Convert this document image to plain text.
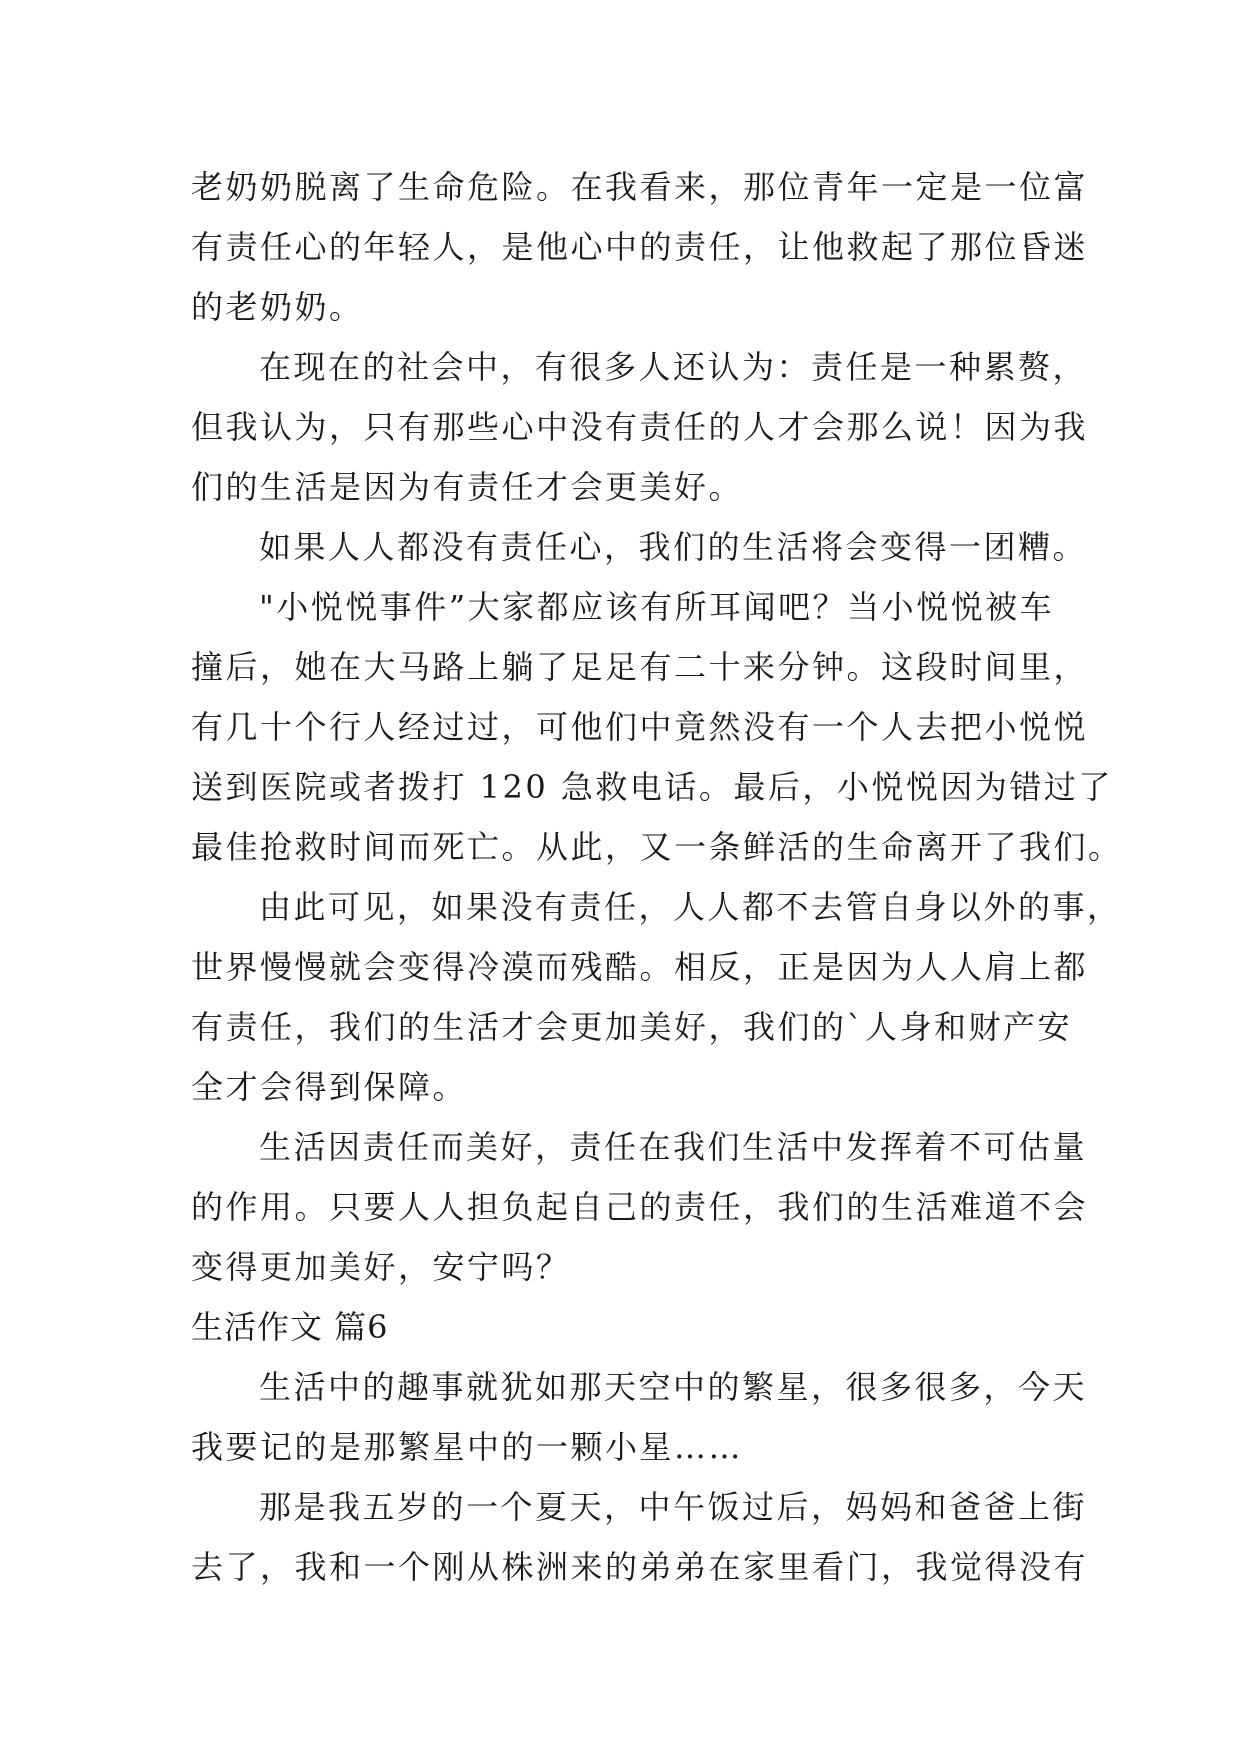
老奶奶脱离了生命危险。在我看来，那位青年一定是一位富
有责任心的年轻人，是他心中的责任，让他救起了那位昏迷
的老奶奶。

在现在的社会中，有很多人还认为：责任是一种累赘，
但我认为，只有那些心中没有责任的人才会那么说！因为我
们的生活是因为有责任才会更美好。

如果人人都没有责任心，我们的生活将会变得一团糟。

"小悦悦事件”大家都应该有所耳闻吧？当小悦悦被车
撞后，她在大马路上躺了足足有二十来分钟。这段时间里，
有几十个行人经过过，可他们中竟然没有一个人去把小悦悦
送到医院或者拨打 120 急救电话。最后，小悦悦因为错过了
最佳抢救时间而死亡。从此，又一条鲜活的生命离开了我们。

由此可见，如果没有责任，人人都不去管自身以外的事，
世界慢慢就会变得冷漠而残酷。相反，正是因为人人肩上都
有责任，我们的生活才会更加美好，我们的`人身和财产安
全才会得到保障。

生活因责任而美好，责任在我们生活中发挥着不可估量
的作用。只要人人担负起自己的责任，我们的生活难道不会
变得更加美好，安宁吗？

生活作文 篇6

生活中的趣事就犹如那天空中的繁星，很多很多，今天
我要记的是那繁星中的一颗小星……

那是我五岁的一个夏天，中午饭过后，妈妈和爸爸上街
去了，我和一个刚从株洲来的弟弟在家里看门，我觉得没有
